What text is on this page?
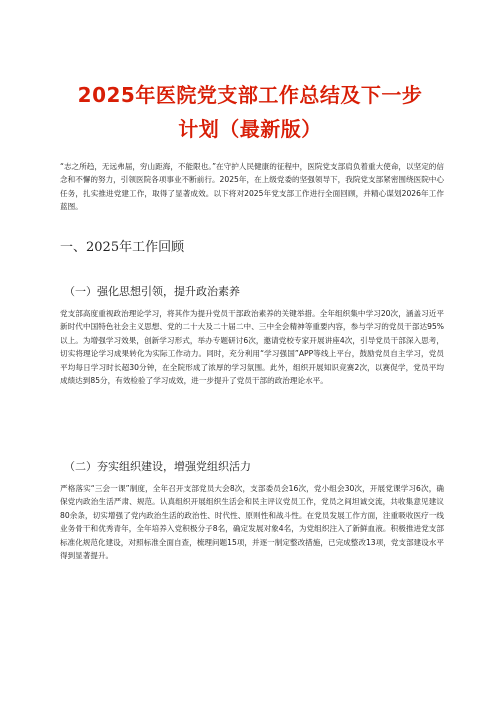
2025年医院党支部工作总结及下一步
计划（最新版）
“志之所趋，无远弗届，穷山距海，不能限也。”在守护人民健康的征程中，医院党支部肩负着重大使命，以坚定的信念和不懈的努力，引领医院各项事业不断前行。2025年，在上级党委的坚强领导下，我院党支部紧密围绕医院中心任务，扎实推进党建工作，取得了显著成效。以下将对2025年党支部工作进行全面回顾，并精心谋划2026年工作蓝图。
一、2025年工作回顾
（一）强化思想引领，提升政治素养
党支部高度重视政治理论学习，将其作为提升党员干部政治素养的关键举措。全年组织集中学习20次，涵盖习近平新时代中国特色社会主义思想、党的二十大及二十届二中、三中全会精神等重要内容，参与学习的党员干部达95%以上。为增强学习效果，创新学习形式，举办专题研讨6次，邀请党校专家开展讲座4次，引导党员干部深入思考，切实将理论学习成果转化为实际工作动力。同时，充分利用“学习强国”APP等线上平台，鼓励党员自主学习，党员平均每日学习时长超30分钟，在全院形成了浓厚的学习氛围。此外，组织开展知识竞赛2次，以赛促学，党员平均成绩达到85分，有效检验了学习成效，进一步提升了党员干部的政治理论水平。
（二）夯实组织建设，增强党组织活力
严格落实“三会一课”制度，全年召开支部党员大会8次，支部委员会16次，党小组会30次，开展党课学习6次，确保党内政治生活严肃、规范。认真组织开展组织生活会和民主评议党员工作，党员之间坦诚交流，共收集意见建议80余条，切实增强了党内政治生活的政治性、时代性、原则性和战斗性。在党员发展工作方面，注重吸收医疗一线业务骨干和优秀青年，全年培养入党积极分子8名，确定发展对象4名，为党组织注入了新鲜血液。积极推进党支部标准化规范化建设，对照标准全面自查，梳理问题15项，并逐一制定整改措施，已完成整改13项，党支部建设水平得到显著提升。
